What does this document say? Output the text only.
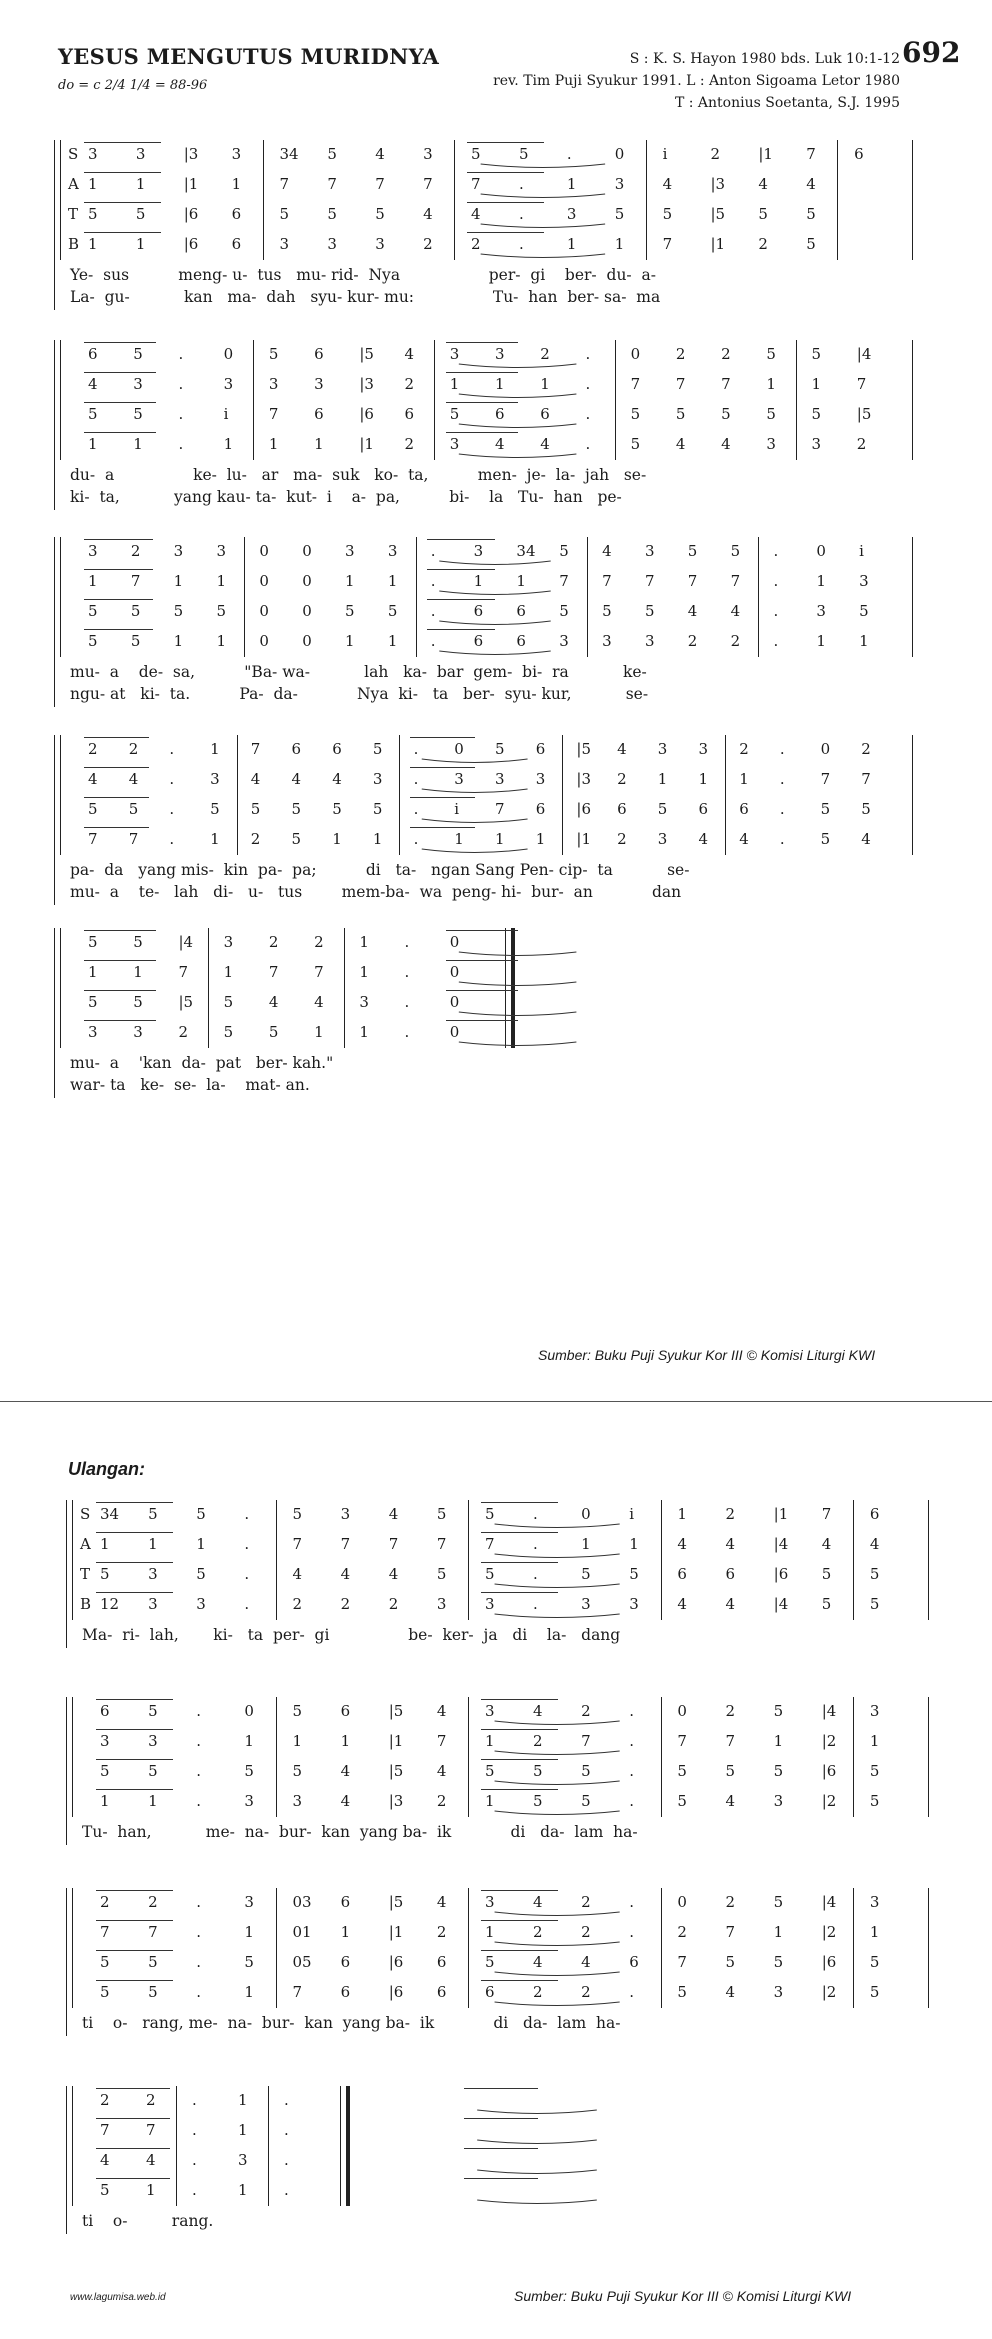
YESUS MENGUTUS MURIDNYA
do = c 2/4 1/4 = 88-96
S : K. S. Hayon 1980 bds. Luk 10:1-12
rev. Tim Puji Syukur 1991. L : Anton Sigoama Letor 1980
T : Antonius Soetanta, S.J. 1995
692
S 3	3	|3 3	34 5	4	3	5	5	.	0	i	2	|1 7	6
A 1	1	|1 1	7	7	7	7	7	.	1	3	4	|3 4	4
T 5	5	|6 6	5	5	5	4	4	.	3	5	5	|5 5	5
B 1	1	|6 6	3	3	3	2	2	.	1	1	7	|1 2	5
Ye-  sus          meng- u-  tus   mu- rid-  Nya                  per-  gi    ber-  du-  a-
La-  gu-           kan   ma-  dah   syu- kur- mu:                Tu-  han  ber- sa-  ma
6 5 .	0 5 6 |5 4 3 3 2 .	0 2 2 5 5 |4
4 3 .	3 3 3 |3 2 1 1 1 .	7 7 7 1 1 7
5 5 .	i	7 6 |6 6 5 6 6 .	5 5 5 5 5 |5
1 1 .	1 1 1 |1 2 3 4 4 .	5 4 4 3 3 2
du-  a                ke-  lu-   ar   ma-  suk   ko-  ta,          men-  je-  la-  jah   se-
ki-  ta,           yang kau- ta-  kut-  i    a-  pa,          bi-    la   Tu-  han   pe-
3 2 3 3 0 0 3 3 .	3 34 5 4 3 5 5 .	0 i
1 7 1 1 0 0 1 1 .	1 1 7 7 7 7 7 .	1 3
5 5 5 5 0 0 5 5 .	6 6 5 5 5 4 4 .	3 5
5 5 1 1 0 0 1 1 .	6 6 3 3 3 2 2 .	1 1
mu-  a    de-  sa,          "Ba- wa-           lah   ka-  bar  gem-  bi-  ra           ke-
ngu- at   ki-  ta.          Pa-  da-            Nya  ki-   ta   ber-  syu- kur,           se-
2 2 . 1 7 6 6 5 . 0 5 6 |5 4 3 3 2 . 0 2
4 4 . 3 4 4 4 3 . 3 3 3 |3 2 1 1 1 . 7 7
5 5 . 5 5 5 5 5 . i 7 6 |6 6 5 6 6 . 5 5
7 7 . 1 2 5 1 1 . 1 1 1 |1 2 3 4 4 . 5 4
pa-  da   yang mis-  kin  pa-  pa;          di   ta-   ngan Sang Pen- cip-  ta           se-
mu-  a    te-   lah   di-   u-   tus        mem-ba-  wa  peng- hi-  bur-  an            dan
5 5 |4 3 2 2 1 .	0
1 1 7 1 7 7 1 .	0
5 5 |5 5 4 4 3 .	0
3 3 2 5 5 1 1 .	0
mu-  a    'kan  da-  pat   ber- kah."
war- ta   ke-  se-  la-    mat- an.
Sumber: Buku Puji Syukur Kor III © Komisi Liturgi KWI
Ulangan:
S 34 5	5	.	5	3	4	5	5	.	0	i	1	2	|1 7	6
A 1	1	1	.	7	7	7	7	7	.	1	1	4	4	|4 4	4
T 5	3	5	.	4	4	4	5	5	.	5	5	6	6	|6 5	5
B 12 3	3	.	2	2	2	3	3	.	3	3	4	4	|4 5	5
Ma-  ri-  lah,       ki-   ta  per-  gi                be-  ker-  ja   di    la-   dang
6	5	.	0	5	6	|5 4	3	4	2	.	0	2	5	|4 3
3	3	.	1	1	1	|1 7	1	2	7	.	7	7	1	|2 1
5	5	.	5	5	4	|5 4	5	5	5	.	5	5	5	|6 5
1	1	.	3	3	4	|3 2	1	5	5	.	5	4	3	|2 5
Tu-  han,           me-  na-  bur-  kan  yang ba-  ik            di   da-  lam  ha-
2	2	.	3	03 6	|5 4	3	4	2	.	0	2	5	|4 3
7	7	.	1	01 1	|1 2	1	2	2	.	2	7	1	|2 1
5	5	.	5	05 6	|6 6	5	4	4	6	7	5	5	|6 5
5	5	.	1	7	6	|6 6	6	2	2	.	5	4	3	|2 5
ti    o-   rang, me-  na-  bur-  kan  yang ba-  ik            di   da-  lam  ha-
2 2 .	1 .
7 7 .	1 .
4 4 .	3 .
5 1 .	1 .
ti    o-         rang.
www.lagumisa.web.id	Sumber: Buku Puji Syukur Kor III © Komisi Liturgi KWI
